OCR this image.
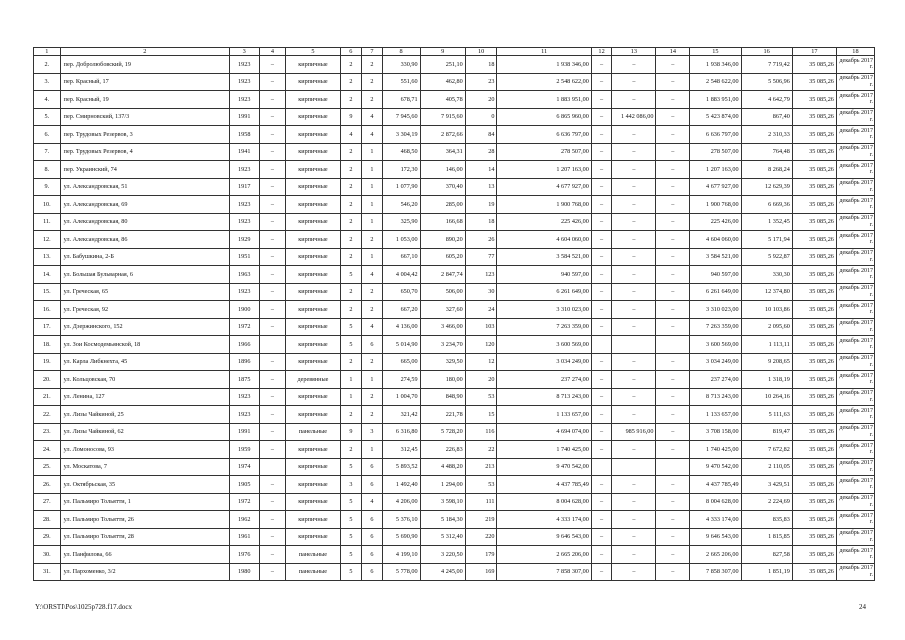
1	2	3	4	5	6	7	8	9	10	11	12	13	14	15	16	17	18
2.	пер. Добролюбовский, 19	1923	–	кирпичные	2	2	330,90	251,10	18	1 938 346,00	–	–	–	1 938 346,00	7 719,42	35 085,26	декабрь 2017 г.
3.	пер. Красный, 17	1923	–	кирпичные	2	2	551,60	462,80	23	2 548 622,00	–	–	–	2 548 622,00	5 506,96	35 085,26	декабрь 2017 г.
4.	пер. Красный, 19	1923	–	кирпичные	2	2	678,71	405,78	20	1 883 951,00	–	–	–	1 883 951,00	4 642,79	35 085,26	декабрь 2017 г.
5.	пер. Смирновский, 137/3	1991	–	кирпичные	9	4	7 945,60	7 915,60	0	6 865 960,00	–	1 442 086,00	–	5 423 874,00	867,40	35 085,26	декабрь 2017 г.
6.	пер. Трудовых Резервов, 3	1958	–	кирпичные	4	4	3 304,19	2 872,66	84	6 636 797,00	–	–	–	6 636 797,00	2 310,33	35 085,26	декабрь 2017 г.
7.	пер. Трудовых Резервов, 4	1941	–	кирпичные	2	1	468,50	364,31	28	278 507,00	–	–	–	278 507,00	764,48	35 085,26	декабрь 2017 г.
8.	пер. Украинский, 74	1923	–	кирпичные	2	1	172,30	146,00	14	1 207 163,00	–	–	–	1 207 163,00	8 268,24	35 085,26	декабрь 2017 г.
9.	ул. Александровская, 51	1917	–	кирпичные	2	1	1 077,90	370,40	13	4 677 927,00	–	–	–	4 677 927,00	12 629,39	35 085,26	декабрь 2017 г.
10.	ул. Александровская, 69	1923	–	кирпичные	2	1	546,20	285,00	19	1 900 768,00	–	–	–	1 900 768,00	6 669,36	35 085,26	декабрь 2017 г.
11.	ул. Александровская, 80	1923	–	кирпичные	2	1	325,90	166,68	18	225 426,00	–	–	–	225 426,00	1 352,45	35 085,26	декабрь 2017 г.
12.	ул. Александровская, 86	1929	–	кирпичные	2	2	1 053,00	890,20	26	4 604 060,00	–	–	–	4 604 060,00	5 171,94	35 085,26	декабрь 2017 г.
13.	ул. Бабушкина, 2-Б	1951	–	кирпичные	2	1	667,10	605,20	77	3 584 521,00	–	–	–	3 584 521,00	5 922,87	35 085,26	декабрь 2017 г.
14.	ул. Большая Бульварная, 6	1963	–	кирпичные	5	4	4 004,42	2 847,74	123	940 597,00	–	–	–	940 597,00	330,30	35 085,26	декабрь 2017 г.
15.	ул. Греческая, 65	1923	–	кирпичные	2	2	650,70	506,00	30	6 261 649,00	–	–	–	6 261 649,00	12 374,80	35 085,26	декабрь 2017 г.
16.	ул. Греческая, 92	1900	–	кирпичные	2	2	667,20	327,60	24	3 310 023,00	–	–	–	3 310 023,00	10 103,86	35 085,26	декабрь 2017 г.
17.	ул. Дзержинского, 152	1972	–	кирпичные	5	4	4 136,00	3 466,00	103	7 263 359,00	–	–	–	7 263 359,00	2 095,60	35 085,26	декабрь 2017 г.
18.	ул. Зои Космодемьянской, 18	1966		кирпичные	5	6	5 014,90	3 234,70	120	3 600 569,00				3 600 569,00	1 113,11	35 085,26	декабрь 2017 г.
19.	ул. Карла Либкнехта, 45	1896	–	кирпичные	2	2	665,00	329,50	12	3 034 249,00	–	–	–	3 034 249,00	9 208,65	35 085,26	декабрь 2017 г.
20.	ул. Кольцовская, 70	1875	–	деревянные	1	1	274,59	180,00	20	237 274,00	–	–	–	237 274,00	1 318,19	35 085,26	декабрь 2017 г.
21.	ул. Ленина, 127	1923	–	кирпичные	1	2	1 004,70	848,90	53	8 713 243,00	–	–	–	8 713 243,00	10 264,16	35 085,26	декабрь 2017 г.
22.	ул. Лизы Чайкиной, 25	1923	–	кирпичные	2	2	321,42	221,78	15	1 133 657,00	–	–	–	1 133 657,00	5 111,63	35 085,26	декабрь 2017 г.
23.	ул. Лизы Чайкиной, 62	1991	–	панельные	9	3	6 316,80	5 728,20	116	4 694 074,00	–	985 916,00	–	3 708 158,00	819,47	35 085,26	декабрь 2017 г.
24.	ул. Ломоносова, 93	1959	–	кирпичные	2	1	312,45	226,83	22	1 740 425,00	–	–	–	1 740 425,00	7 672,82	35 085,26	декабрь 2017 г.
25.	ул. Москатова, 7	1974		кирпичные	5	6	5 893,52	4 488,20	213	9 470 542,00				9 470 542,00	2 110,05	35 085,26	декабрь 2017 г.
26.	ул. Октябрьская, 35	1905	–	кирпичные	3	6	1 492,40	1 294,00	53	4 437 785,49	–	–	–	4 437 785,49	3 429,51	35 085,26	декабрь 2017 г.
27.	ул. Пальмиро Тольятти, 1	1972	–	кирпичные	5	4	4 206,00	3 598,10	111	8 004 628,00	–	–	–	8 004 628,00	2 224,69	35 085,26	декабрь 2017 г.
28.	ул. Пальмиро Тольятти, 26	1962	–	кирпичные	5	6	5 376,10	5 184,30	219	4 333 174,00	–	–	–	4 333 174,00	835,83	35 085,26	декабрь 2017 г.
29.	ул. Пальмиро Тольятти, 28	1961	–	кирпичные	5	6	5 690,90	5 312,40	220	9 646 543,00	–	–	–	9 646 543,00	1 815,85	35 085,26	декабрь 2017 г.
30.	ул. Панфилова, 66	1976	–	панельные	5	6	4 199,10	3 220,50	179	2 665 206,00	–	–	–	2 665 206,00	827,58	35 085,26	декабрь 2017 г.
31.	ул. Пархоменко, 3/2	1980	–	панельные	5	6	5 778,00	4 245,00	169	7 858 307,00	–	–	–	7 858 307,00	1 851,19	35 085,26	декабрь 2017 г.
Y:\ORSTI\Pos\1025p728.f17.docx	24
